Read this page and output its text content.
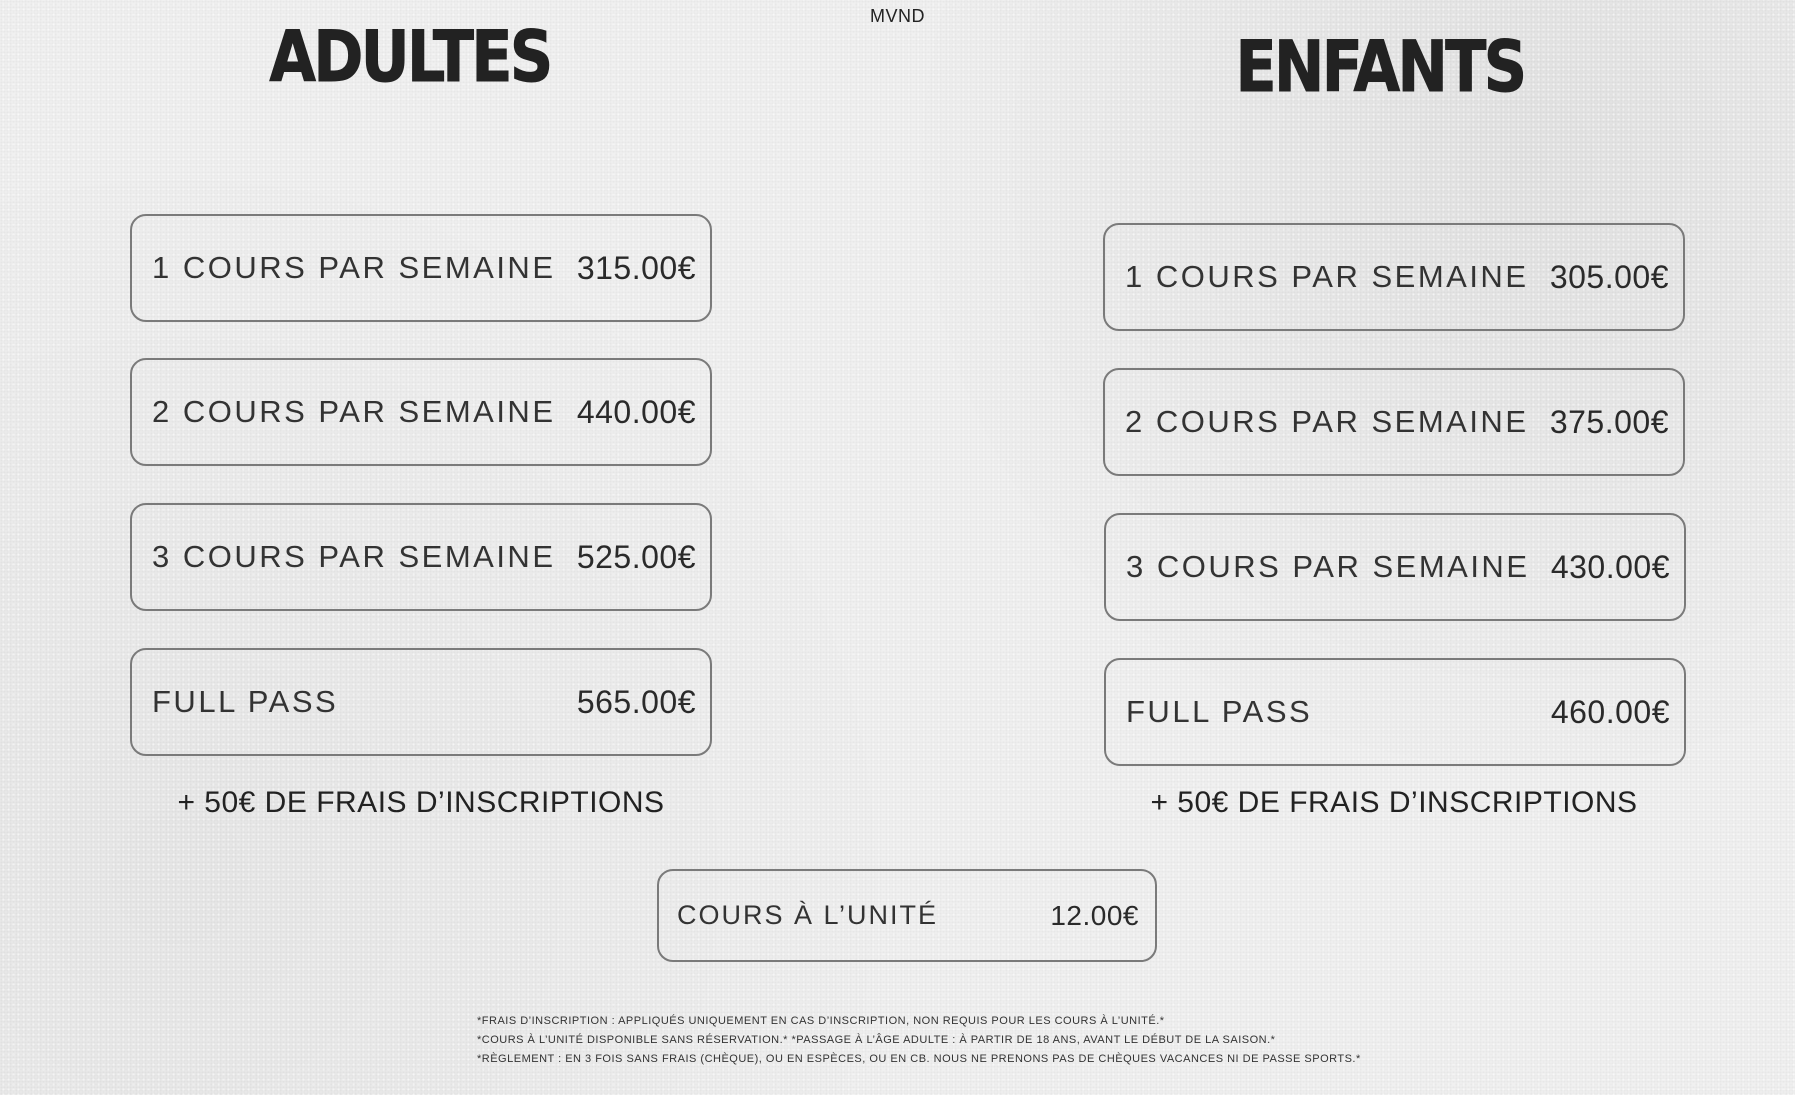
MVND
ADULTES
1 COURS PAR SEMAINE 315.00€
2 COURS PAR SEMAINE 440.00€
3 COURS PAR SEMAINE 525.00€
FULL PASS	565.00€
+ 50€ DE FRAIS D’INSCRIPTIONS
ENFANTS
1 COURS PAR SEMAINE 305.00€
2 COURS PAR SEMAINE 375.00€
3 COURS PAR SEMAINE 430.00€
FULL PASS	460.00€
+ 50€ DE FRAIS D’INSCRIPTIONS
COURS À L’UNITÉ	12.00€
*FRAIS D’INSCRIPTION : APPLIQUÉS UNIQUEMENT EN CAS D’INSCRIPTION, NON REQUIS POUR LES COURS À L’UNITÉ.*
*COURS À L’UNITÉ DISPONIBLE SANS RÉSERVATION.* *PASSAGE À L’ÂGE ADULTE : À PARTIR DE 18 ANS, AVANT LE DÉBUT DE LA SAISON.*
*RÈGLEMENT : EN 3 FOIS SANS FRAIS (CHÈQUE), OU EN ESPÈCES, OU EN CB. NOUS NE PRENONS PAS DE CHÈQUES VACANCES NI DE PASSE SPORTS.*
